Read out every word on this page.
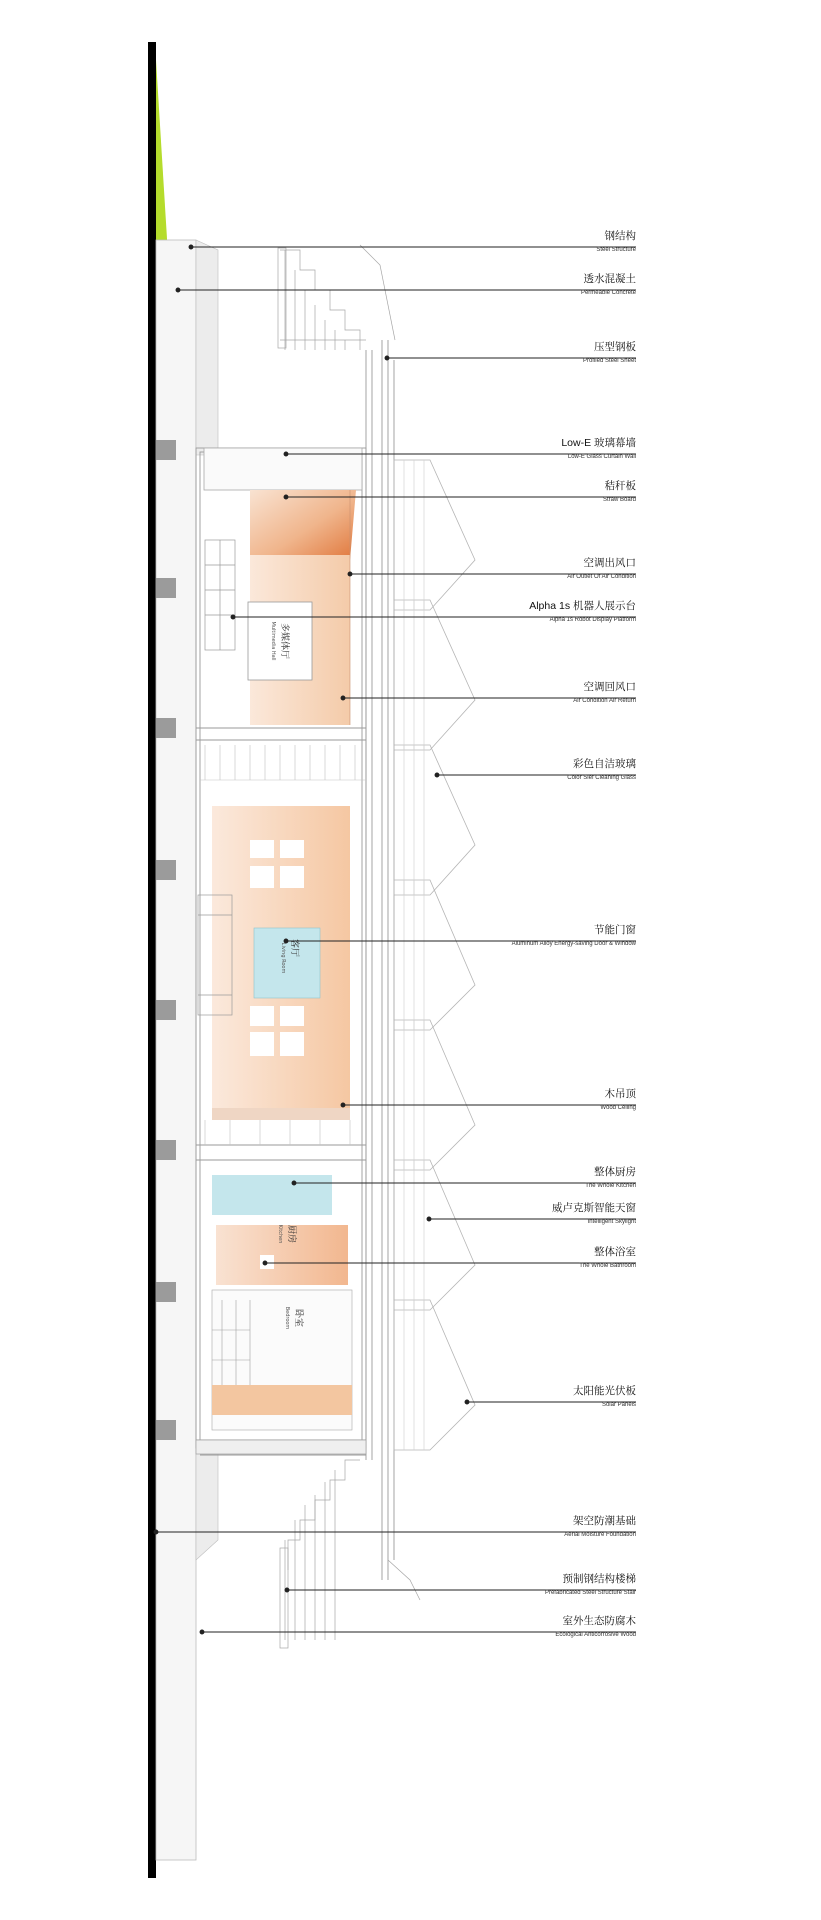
多媒体厅
Multimedia Hall
客厅
Living Room
厨房
Kitchen
卧室
Bedroom
钢结构
Steel Structure
透水混凝土
Permeable Concrete
压型钢板
Profiled Steel Sheet
Low-E 玻璃幕墙
Low-E Glass Curtain Wall
秸秆板
Straw Board
空调出风口
Air Outlet Of Air Condition
Alpha 1s 机器人展示台
Alpha 1s Robot Display Platform
空调回风口
Air Condition Air Return
彩色自洁玻璃
Color Slef Cleaning Glass
节能门窗
Aluminum Alloy Energy-saving Door & Window
木吊顶
Wood Ceiling
整体厨房
The Whole Kitchen
威卢克斯智能天窗
Intelligent Skylight
整体浴室
The Whole Bathroom
太阳能光伏板
Solar Panels
架空防潮基础
Aerial Moisture Foundation
预制钢结构楼梯
Prefabricated Steel Structure Stair
室外生态防腐木
Ecological Anticorrosive Wood
